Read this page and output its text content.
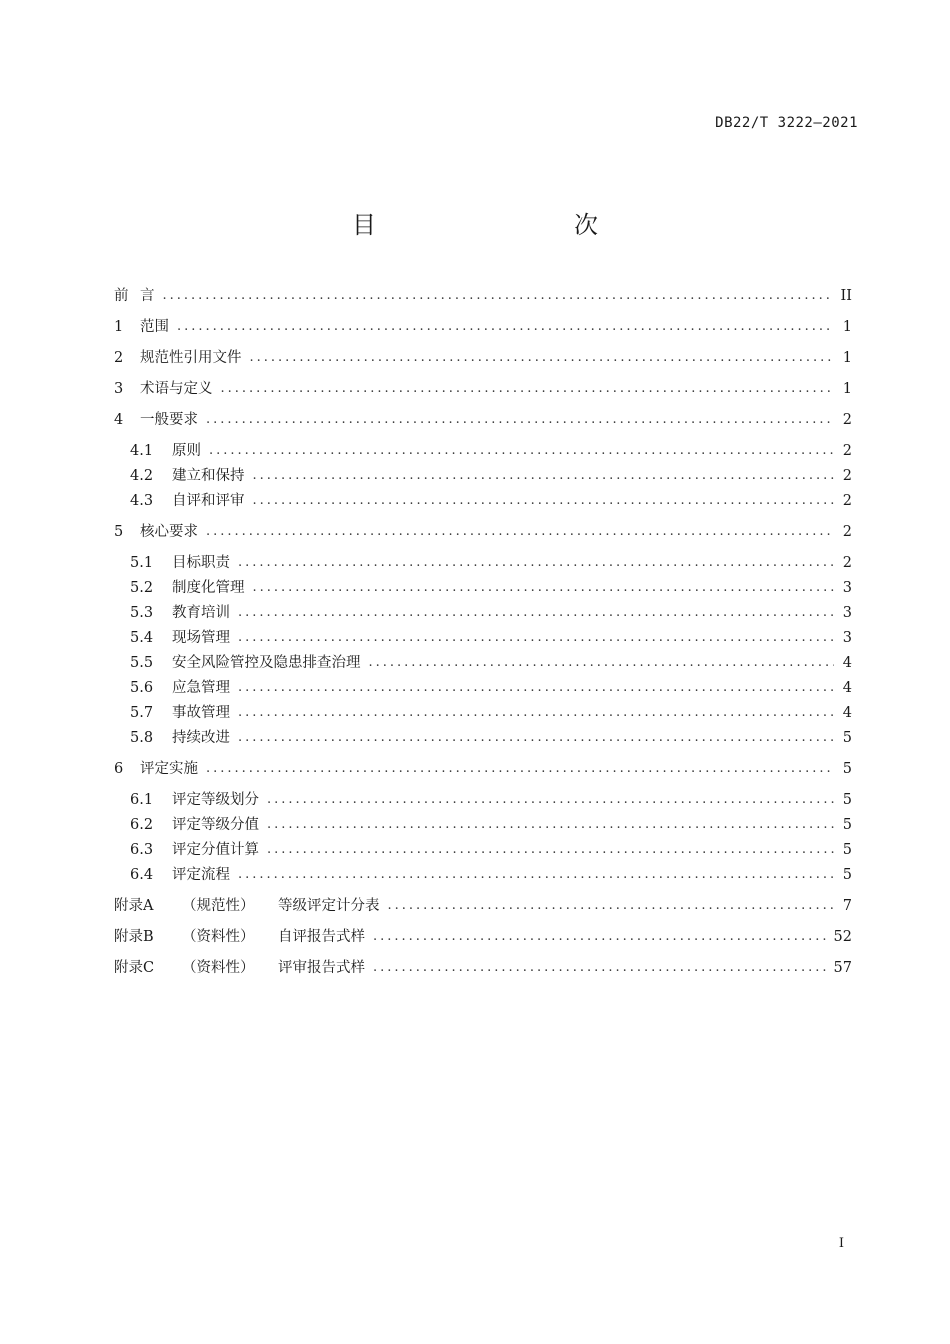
DB22/T 3222—2021
目　　次
前 言 .....	II
1	范围 .....	1
2	规范性引用文件 .....	1
3	术语与定义 .....	1
4	一般要求 .....	2
4.1	原则 .....	2
4.2	建立和保持 .....	2
4.3	自评和评审 .....	2
5	核心要求 .....	2
5.1	目标职责 .....	2
5.2	制度化管理 .....	3
5.3	教育培训 .....	3
5.4	现场管理 .....	3
5.5	安全风险管控及隐患排查治理 .....	4
5.6	应急管理 .....	4
5.7	事故管理 .....	4
5.8	持续改进 .....	5
6	评定实施 .....	5
6.1	评定等级划分 .....	5
6.2	评定等级分值 .....	5
6.3	评定分值计算 .....	5
6.4	评定流程 .....	5
附录A	（规范性）	等级评定计分表 .....	7
附录B	（资料性）	自评报告式样 .....	52
附录C	（资料性）	评审报告式样 .....	57
I
